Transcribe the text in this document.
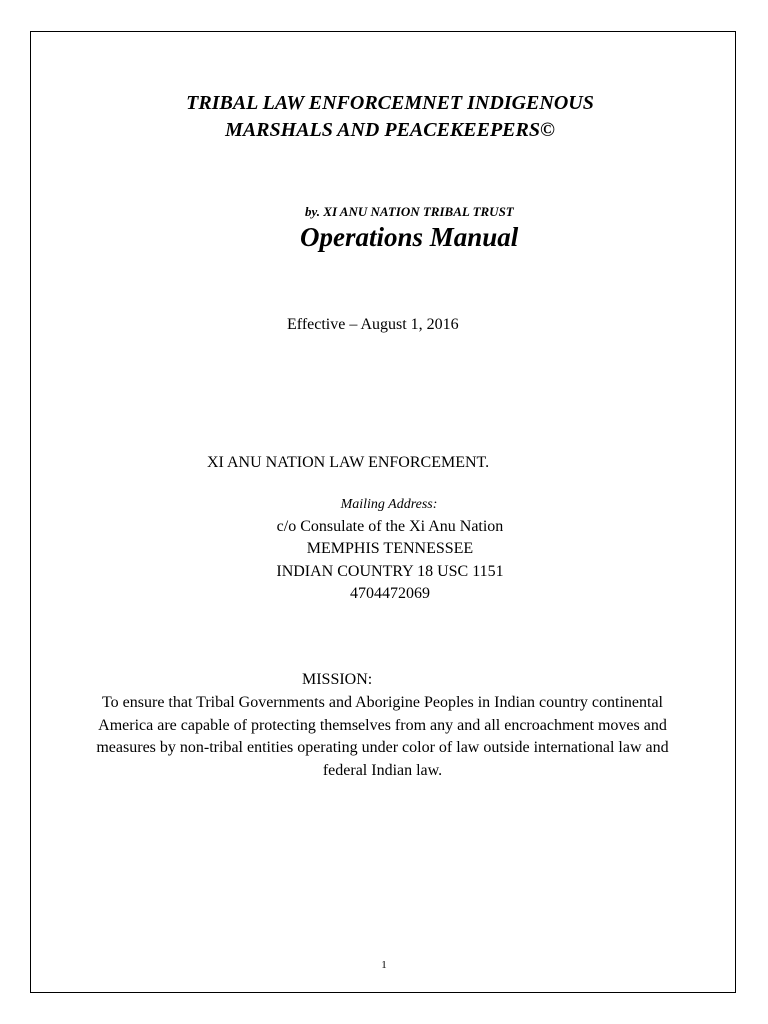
TRIBAL LAW ENFORCEMNET INDIGENOUS
MARSHALS AND PEACEKEEPERS©
by. XI ANU NATION TRIBAL TRUST
Operations Manual
Effective – August 1, 2016
XI ANU NATION LAW ENFORCEMENT.
Mailing Address:
c/o Consulate of the Xi Anu Nation
MEMPHIS TENNESSEE
INDIAN COUNTRY 18 USC 1151
4704472069
MISSION:

To ensure that Tribal Governments and Aborigine Peoples in Indian country continental America are capable of protecting themselves from any and all encroachment moves and measures by non-tribal entities operating under color of law outside international law and federal Indian law.

1
